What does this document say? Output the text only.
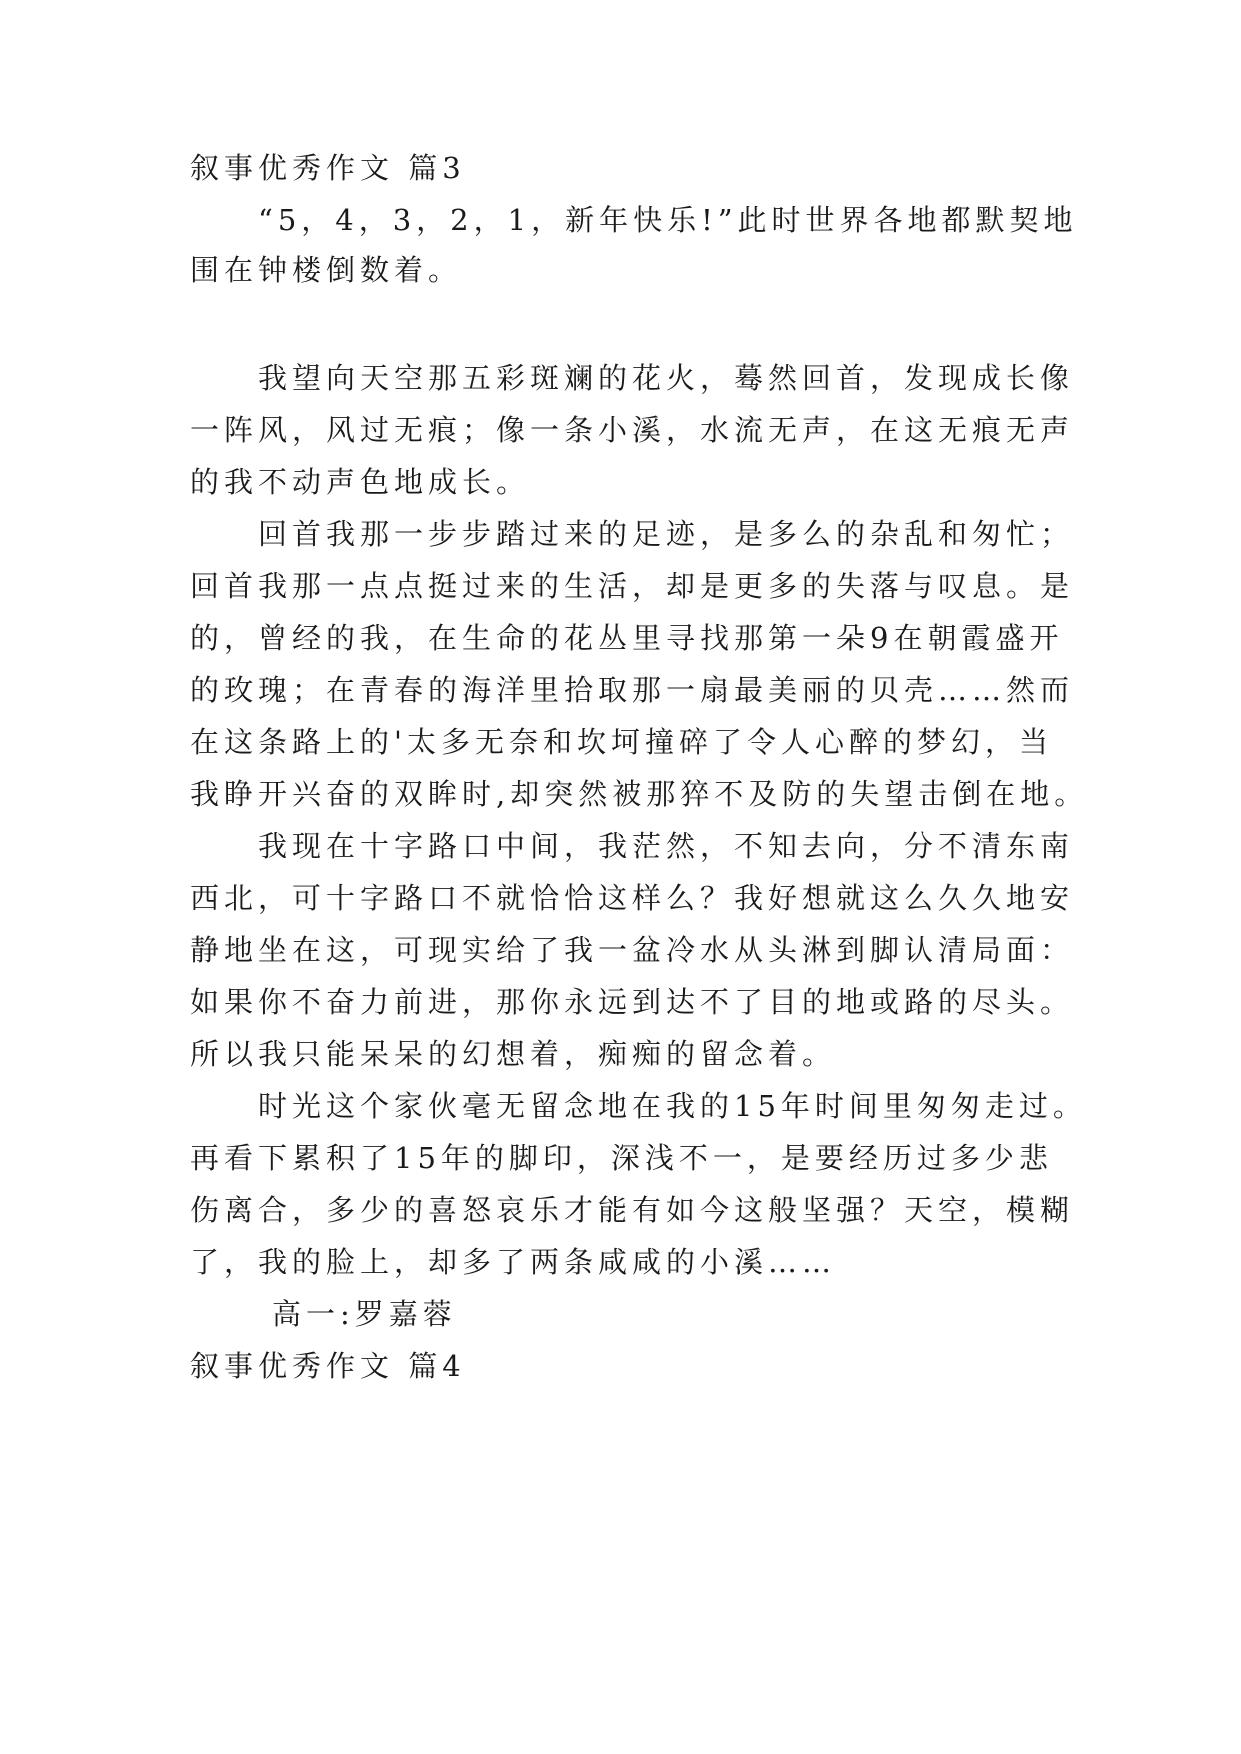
叙事优秀作文 篇3
“5，4，3，2，1，新年快乐!”此时世界各地都默契地
围在钟楼倒数着。
我望向天空那五彩斑斓的花火，蓦然回首，发现成长像
一阵风，风过无痕；像一条小溪，水流无声，在这无痕无声
的我不动声色地成长。
回首我那一步步踏过来的足迹，是多么的杂乱和匆忙；
回首我那一点点挺过来的生活，却是更多的失落与叹息。是
的，曾经的我，在生命的花丛里寻找那第一朵9在朝霞盛开
的玫瑰；在青春的海洋里拾取那一扇最美丽的贝壳……然而
在这条路上的'太多无奈和坎坷撞碎了令人心醉的梦幻，当
我睁开兴奋的双眸时,却突然被那猝不及防的失望击倒在地。
我现在十字路口中间，我茫然，不知去向，分不清东南
西北，可十字路口不就恰恰这样么？我好想就这么久久地安
静地坐在这，可现实给了我一盆冷水从头淋到脚认清局面：
如果你不奋力前进，那你永远到达不了目的地或路的尽头。
所以我只能呆呆的幻想着，痴痴的留念着。
时光这个家伙毫无留念地在我的15年时间里匆匆走过。
再看下累积了15年的脚印，深浅不一，是要经历过多少悲
伤离合，多少的喜怒哀乐才能有如今这般坚强？天空，模糊
了，我的脸上，却多了两条咸咸的小溪……
高一:罗嘉蓉
叙事优秀作文 篇4
